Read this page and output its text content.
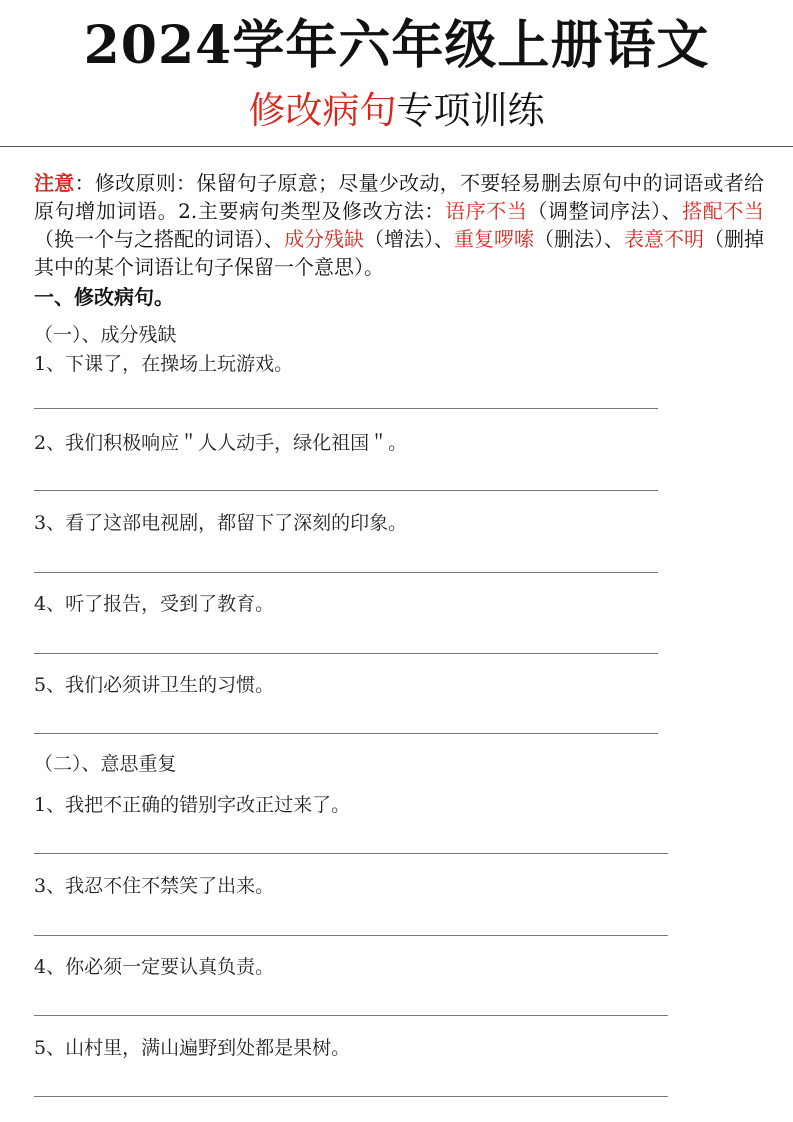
2024学年六年级上册语文
修改病句专项训练
注意：修改原则：保留句子原意；尽量少改动，不要轻易删去原句中的词语或者给原句增加词语。2.主要病句类型及修改方法：语序不当（调整词序法）、搭配不当（换一个与之搭配的词语）、成分残缺（增法）、重复啰嗦（删法）、表意不明（删掉其中的某个词语让句子保留一个意思）。
一、修改病句。
（一）、成分残缺
1、下课了，在操场上玩游戏。
2、我们积极响应＂人人动手，绿化祖国＂。
3、看了这部电视剧，都留下了深刻的印象。
4、听了报告，受到了教育。
5、我们必须讲卫生的习惯。
（二）、意思重复
1、我把不正确的错别字改正过来了。
3、我忍不住不禁笑了出来。
4、你必须一定要认真负责。
5、山村里，满山遍野到处都是果树。
